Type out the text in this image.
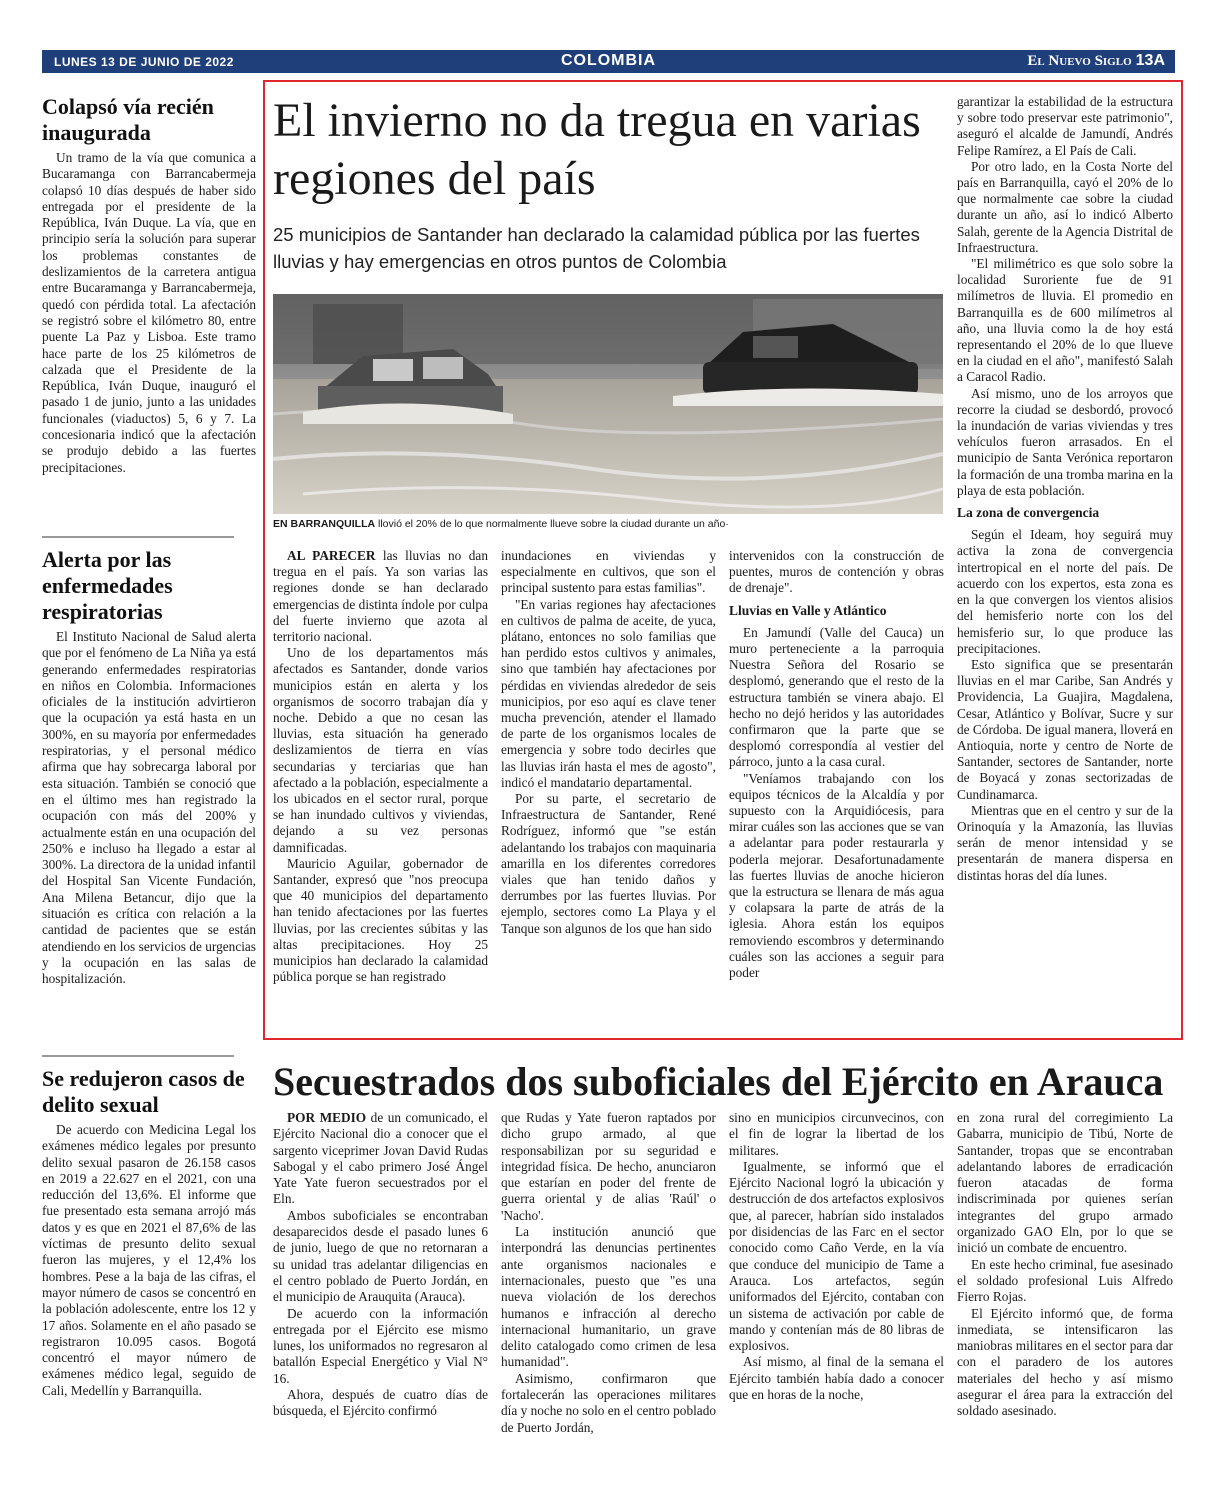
LUNES 13 DE JUNIO DE 2022	COLOMBIA	El Nuevo Siglo 13A
Colapsó vía recién inaugurada

Un tramo de la vía que comunica a Bucaramanga con Barrancabermeja colapsó 10 días después de haber sido entregada por el presidente de la República, Iván Duque. La vía, que en principio sería la solución para superar los problemas constantes de deslizamientos de la carretera antigua entre Bucaramanga y Barrancabermeja, quedó con pérdida total. La afectación se registró sobre el kilómetro 80, entre puente La Paz y Lisboa. Este tramo hace parte de los 25 kilómetros de calzada que el Presidente de la República, Iván Duque, inauguró el pasado 1 de junio, junto a las unidades funcionales (viaductos) 5, 6 y 7. La concesionaria indicó que la afectación se produjo debido a las fuertes precipitaciones.

Alerta por las enfermedades respiratorias

El Instituto Nacional de Salud alerta que por el fenómeno de La Niña ya está generando enfermedades respiratorias en niños en Colombia. Informaciones oficiales de la institución advirtieron que la ocupación ya está hasta en un 300%, en su mayoría por enfermedades respiratorias, y el personal médico afirma que hay sobrecarga laboral por esta situación. También se conoció que en el último mes han registrado la ocupación con más del 200% y actualmente están en una ocupación del 250% e incluso ha llegado a estar al 300%. La directora de la unidad infantil del Hospital San Vicente Fundación, Ana Milena Betancur, dijo que la situación es crítica con relación a la cantidad de pacientes que se están atendiendo en los servicios de urgencias y la ocupación en las salas de hospitalización.

Se redujeron casos de delito sexual

De acuerdo con Medicina Legal los exámenes médico legales por presunto delito sexual pasaron de 26.158 casos en 2019 a 22.627 en el 2021, con una reducción del 13,6%. El informe que fue presentado esta semana arrojó más datos y es que en 2021 el 87,6% de las víctimas de presunto delito sexual fueron las mujeres, y el 12,4% los hombres. Pese a la baja de las cifras, el mayor número de casos se concentró en la población adolescente, entre los 12 y 17 años. Solamente en el año pasado se registraron 10.095 casos. Bogotá concentró el mayor número de exámenes médico legal, seguido de Cali, Medellín y Barranquilla.

El invierno no da tregua en varias regiones del país
25 municipios de Santander han declarado la calamidad pública por las fuertes lluvias y hay emergencias en otros puntos de Colombia
EN BARRANQUILLA llovió el 20% de lo que normalmente llueve sobre la ciudad durante un año·

AL PARECER las lluvias no dan tregua en el país. Ya son varias las regiones donde se han declarado emergencias de distinta índole por culpa del fuerte invierno que azota al territorio nacional.

Uno de los departamentos más afectados es Santander, donde varios municipios están en alerta y los organismos de socorro trabajan día y noche. Debido a que no cesan las lluvias, esta situación ha generado deslizamientos de tierra en vías secundarias y terciarias que han afectado a la población, especialmente a los ubicados en el sector rural, porque se han inundado cultivos y viviendas, dejando a su vez personas damnificadas.

Mauricio Aguilar, gobernador de Santander, expresó que "nos preocupa que 40 municipios del departamento han tenido afectaciones por las fuertes lluvias, por las crecientes súbitas y las altas precipitaciones. Hoy 25 municipios han declarado la calamidad pública porque se han registrado

inundaciones en viviendas y especialmente en cultivos, que son el principal sustento para estas familias".

"En varias regiones hay afectaciones en cultivos de palma de aceite, de yuca, plátano, entonces no solo familias que han perdido estos cultivos y animales, sino que también hay afectaciones por pérdidas en viviendas alrededor de seis municipios, por eso aquí es clave tener mucha prevención, atender el llamado de parte de los organismos locales de emergencia y sobre todo decirles que las lluvias irán hasta el mes de agosto", indicó el mandatario departamental.

Por su parte, el secretario de Infraestructura de Santander, René Rodríguez, informó que "se están adelantando los trabajos con maquinaria amarilla en los diferentes corredores viales que han tenido daños y derrumbes por las fuertes lluvias. Por ejemplo, sectores como La Playa y el Tanque son algunos de los que han sido

intervenidos con la construcción de puentes, muros de contención y obras de drenaje".

Lluvias en Valle y Atlántico

En Jamundí (Valle del Cauca) un muro perteneciente a la parroquia Nuestra Señora del Rosario se desplomó, generando que el resto de la estructura también se vinera abajo. El hecho no dejó heridos y las autoridades confirmaron que la parte que se desplomó correspondía al vestier del párroco, junto a la casa cural.

"Veníamos trabajando con los equipos técnicos de la Alcaldía y por supuesto con la Arquidiócesis, para mirar cuáles son las acciones que se van a adelantar para poder restaurarla y poderla mejorar. Desafortunadamente las fuertes lluvias de anoche hicieron que la estructura se llenara de más agua y colapsara la parte de atrás de la iglesia. Ahora están los equipos removiendo escombros y determinando cuáles son las acciones a seguir para poder

garantizar la estabilidad de la estructura y sobre todo preservar este patrimonio", aseguró el alcalde de Jamundí, Andrés Felipe Ramírez, a El País de Cali.

Por otro lado, en la Costa Norte del país en Barranquilla, cayó el 20% de lo que normalmente cae sobre la ciudad durante un año, así lo indicó Alberto Salah, gerente de la Agencia Distrital de Infraestructura.

"El milimétrico es que solo sobre la localidad Suroriente fue de 91 milímetros de lluvia. El promedio en Barranquilla es de 600 milímetros al año, una lluvia como la de hoy está representando el 20% de lo que llueve en la ciudad en el año", manifestó Salah a Caracol Radio.

Así mismo, uno de los arroyos que recorre la ciudad se desbordó, provocó la inundación de varias viviendas y tres vehículos fueron arrasados. En el municipio de Santa Verónica reportaron la formación de una tromba marina en la playa de esta población.

La zona de convergencia

Según el Ideam, hoy seguirá muy activa la zona de convergencia intertropical en el norte del país. De acuerdo con los expertos, esta zona es en la que convergen los vientos alisios del hemisferio norte con los del hemisferio sur, lo que produce las precipitaciones.

Esto significa que se presentarán lluvias en el mar Caribe, San Andrés y Providencia, La Guajira, Magdalena, Cesar, Atlántico y Bolívar, Sucre y sur de Córdoba. De igual manera, lloverá en Antioquia, norte y centro de Norte de Santander, sectores de Santander, norte de Boyacá y zonas sectorizadas de Cundinamarca.

Mientras que en el centro y sur de la Orinoquía y la Amazonía, las lluvias serán de menor intensidad y se presentarán de manera dispersa en distintas horas del día lunes.

Secuestrados dos suboficiales del Ejército en Arauca

POR MEDIO de un comunicado, el Ejército Nacional dio a conocer que el sargento viceprimer Jovan David Rudas Sabogal y el cabo primero José Ángel Yate Yate fueron secuestrados por el Eln.

Ambos suboficiales se encontraban desaparecidos desde el pasado lunes 6 de junio, luego de que no retornaran a su unidad tras adelantar diligencias en el centro poblado de Puerto Jordán, en el municipio de Arauquita (Arauca).

De acuerdo con la información entregada por el Ejército ese mismo lunes, los uniformados no regresaron al batallón Especial Energético y Vial N° 16.

Ahora, después de cuatro días de búsqueda, el Ejército confirmó

que Rudas y Yate fueron raptados por dicho grupo armado, al que responsabilizan por su seguridad e integridad física. De hecho, anunciaron que estarían en poder del frente de guerra oriental y de alias 'Raúl' o 'Nacho'.

La institución anunció que interpondrá las denuncias pertinentes ante organismos nacionales e internacionales, puesto que "es una nueva violación de los derechos humanos e infracción al derecho internacional humanitario, un grave delito catalogado como crimen de lesa humanidad".

Asimismo, confirmaron que fortalecerán las operaciones militares día y noche no solo en el centro poblado de Puerto Jordán,

sino en municipios circunvecinos, con el fin de lograr la libertad de los militares.

Igualmente, se informó que el Ejército Nacional logró la ubicación y destrucción de dos artefactos explosivos que, al parecer, habrían sido instalados por disidencias de las Farc en el sector conocido como Caño Verde, en la vía que conduce del municipio de Tame a Arauca. Los artefactos, según uniformados del Ejército, contaban con un sistema de activación por cable de mando y contenían más de 80 libras de explosivos.

Así mismo, al final de la semana el Ejército también había dado a conocer que en horas de la noche,

en zona rural del corregimiento La Gabarra, municipio de Tibú, Norte de Santander, tropas que se encontraban adelantando labores de erradicación fueron atacadas de forma indiscriminada por quienes serían integrantes del grupo armado organizado GAO Eln, por lo que se inició un combate de encuentro.

En este hecho criminal, fue asesinado el soldado profesional Luis Alfredo Fierro Rojas.

El Ejército informó que, de forma inmediata, se intensificaron las maniobras militares en el sector para dar con el paradero de los autores materiales del hecho y así mismo asegurar el área para la extracción del soldado asesinado.
